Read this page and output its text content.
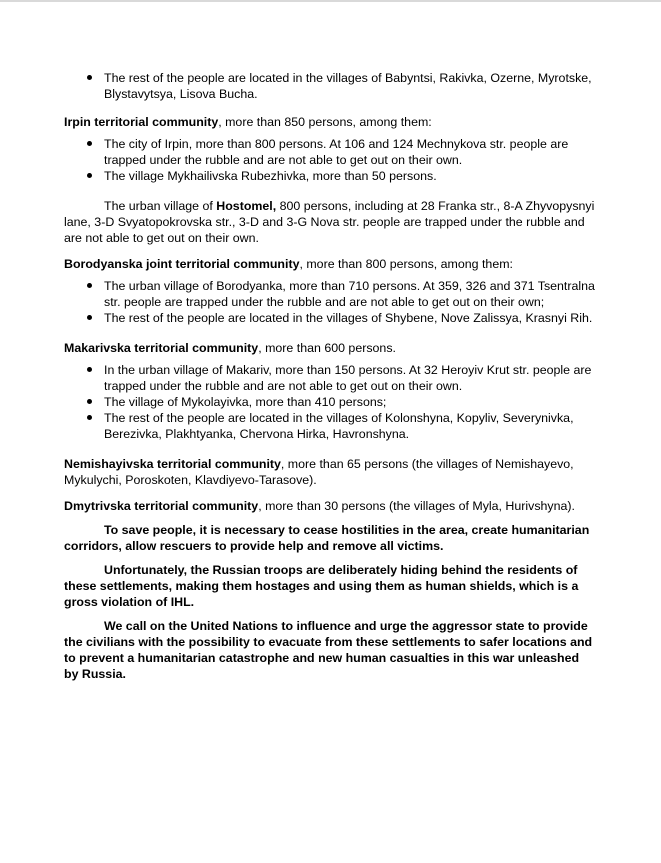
The rest of the people are located in the villages of Babyntsi, Rakivka, Ozerne, Myrotske, Blystavytsya, Lisova Bucha.

Irpin territorial community, more than 850 persons, among them:

The city of Irpin, more than 800 persons. At 106 and 124 Mechnykova str. people are trapped under the rubble and are not able to get out on their own.
The village Mykhailivska Rubezhivka, more than 50 persons.

The urban village of Hostomel, 800 persons, including at 28 Franka str., 8-A Zhyvopysnyi lane, 3-D Svyatopokrovska str., 3-D and 3-G Nova str. people are trapped under the rubble and are not able to get out on their own.

Borodyanska joint territorial community, more than 800 persons, among them:

The urban village of Borodyanka, more than 710 persons. At 359, 326 and 371 Tsentralna str. people are trapped under the rubble and are not able to get out on their own;
The rest of the people are located in the villages of Shybene, Nove Zalissya, Krasnyi Rih.

Makarivska territorial community, more than 600 persons.

In the urban village of Makariv, more than 150 persons. At 32 Heroyiv Krut str. people are trapped under the rubble and are not able to get out on their own.
The village of Mykolayivka, more than 410 persons;
The rest of the people are located in the villages of Kolonshyna, Kopyliv, Severynivka, Berezivka, Plakhtyanka, Chervona Hirka, Havronshyna.

Nemishayivska territorial community, more than 65 persons (the villages of Nemishayevo, Mykulychi, Poroskoten, Klavdiyevo-Tarasove).

Dmytrivska territorial community, more than 30 persons (the villages of Myla, Hurivshyna).

To save people, it is necessary to cease hostilities in the area, create humanitarian corridors, allow rescuers to provide help and remove all victims.

Unfortunately, the Russian troops are deliberately hiding behind the residents of these settlements, making them hostages and using them as human shields, which is a gross violation of IHL.

We call on the United Nations to influence and urge the aggressor state to provide the civilians with the possibility to evacuate from these settlements to safer locations and to prevent a humanitarian catastrophe and new human casualties in this war unleashed by Russia.
